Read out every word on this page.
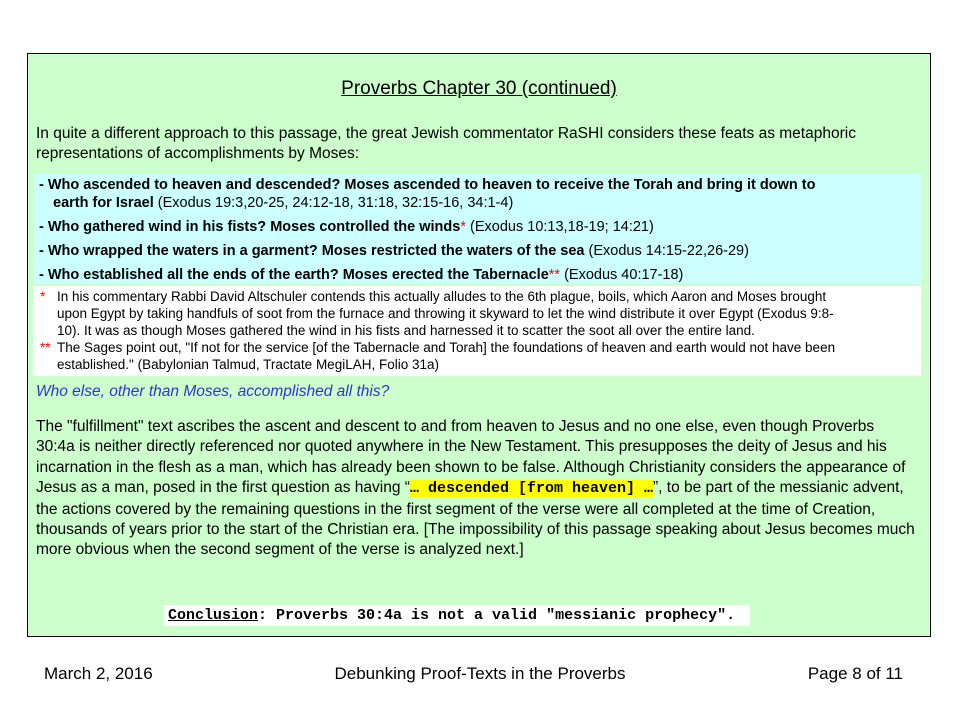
Proverbs Chapter 30 (continued)
In quite a different approach to this passage, the great Jewish commentator RaSHI considers these feats as metaphoric representations of accomplishments by Moses:
- Who ascended to heaven and descended? Moses ascended to heaven to receive the Torah and bring it down to
earth for Israel (Exodus 19:3,20-25, 24:12-18, 31:18, 32:15-16, 34:1-4)
- Who gathered wind in his fists? Moses controlled the winds* (Exodus 10:13,18-19; 14:21)
- Who wrapped the waters in a garment? Moses restricted the waters of the sea (Exodus 14:15-22,26-29)
- Who established all the ends of the earth? Moses erected the Tabernacle** (Exodus 40:17-18)
* In his commentary Rabbi David Altschuler contends this actually alludes to the 6th plague, boils, which Aaron and Moses brought
upon Egypt by taking handfuls of soot from the furnace and throwing it skyward to let the wind distribute it over Egypt (Exodus 9:8-
10). It was as though Moses gathered the wind in his fists and harnessed it to scatter the soot all over the entire land.
** The Sages point out, "If not for the service [of the Tabernacle and Torah] the foundations of heaven and earth would not have been
established." (Babylonian Talmud, Tractate MegiLAH, Folio 31a)
Who else, other than Moses, accomplished all this?
The "fulfillment" text ascribes the ascent and descent to and from heaven to Jesus and no one else, even though Proverbs 30:4a is neither directly referenced nor quoted anywhere in the New Testament. This presupposes the deity of Jesus and his incarnation in the flesh as a man, which has already been shown to be false. Although Christianity considers the appearance of Jesus as a man, posed in the first question as having “… descended [from heaven] …”, to be part of the messianic advent, the actions covered by the remaining questions in the first segment of the verse were all completed at the time of Creation, thousands of years prior to the start of the Christian era. [The impossibility of this passage speaking about Jesus becomes much more obvious when the second segment of the verse is analyzed next.]
Conclusion: Proverbs 30:4a is not a valid "messianic prophecy".
March 2, 2016	Debunking Proof-Texts in the Proverbs	Page 8 of 11
